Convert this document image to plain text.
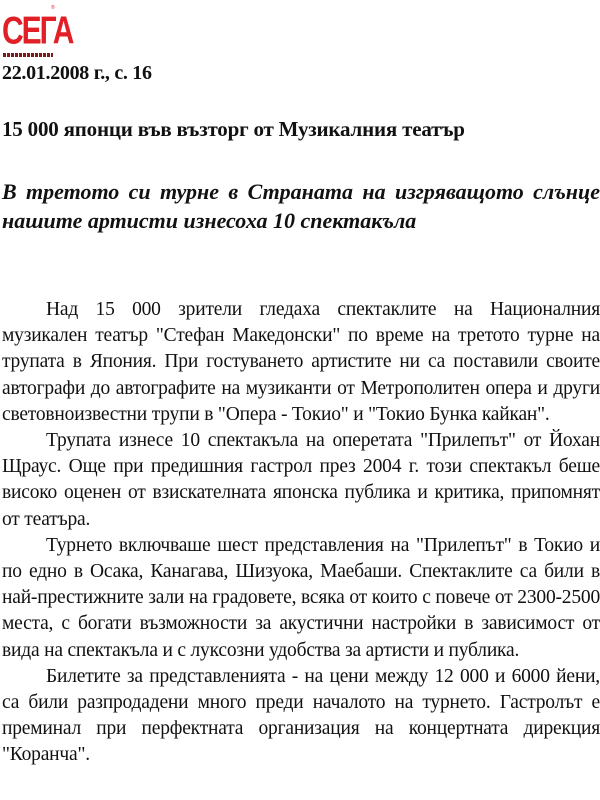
СЕГА
®
22.01.2008 г., с. 16
15 000 японци във възторг от Музикалния театър
В третото си турне в Страната на изгряващото слънце нашите артисти изнесоха 10 спектакъла

Над 15 000 зрители гледаха спектаклите на Националния музикален театър "Стефан Македонски" по време на третото турне на трупата в Япония. При гостуването артистите ни са поставили своите автографи до автографите на музиканти от Метрополитен опера и други световноизвестни трупи в "Опера - Токио" и "Токио Бунка кайкан".

Трупата изнесе 10 спектакъла на оперетата "Прилепът" от Йохан Щраус. Още при предишния гастрол през 2004 г. този спектакъл беше високо оценен от взискателната японска публика и критика, припомнят от театъра.

Турнето включваше шест представления на "Прилепът" в Токио и по едно в Осака, Канагава, Шизуока, Маебаши. Спектаклите са били в най-престижните зали на градовете, всяка от които с повече от 2300-2500 места, с богати възможности за акустични настройки в зависимост от вида на спектакъла и с луксозни удобства за артисти и публика.

Билетите за представленията - на цени между 12 000 и 6000 йени, са били разпродадени много преди началото на турнето. Гастролът е преминал при перфектната организация на концертната дирекция "Коранча".
